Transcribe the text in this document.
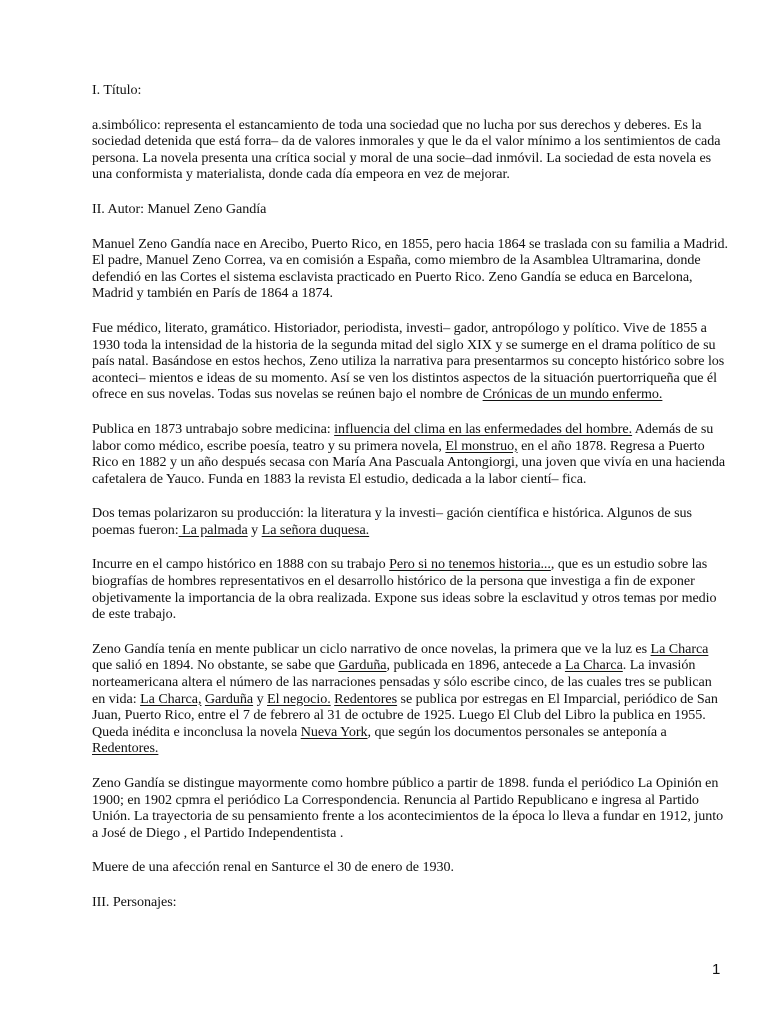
I. Título:

a.simbólico: representa el estancamiento de toda una sociedad que no lucha por sus derechos y deberes. Es la sociedad detenida que está forra– da de valores inmorales y que le da el valor mínimo a los sentimientos de cada persona. La novela presenta una crítica social y moral de una socie–dad inmóvil. La sociedad de esta novela es una conformista y materialista, donde cada día empeora en vez de mejorar.

II. Autor: Manuel Zeno Gandía

Manuel Zeno Gandía nace en Arecibo, Puerto Rico, en 1855, pero hacia 1864 se traslada con su familia a Madrid. El padre, Manuel Zeno Correa, va en comisión a España, como miembro de la Asamblea Ultramarina, donde defendió en las Cortes el sistema esclavista practicado en Puerto Rico. Zeno Gandía se educa en Barcelona, Madrid y también en París de 1864 a 1874.

Fue médico, literato, gramático. Historiador, periodista, investi– gador, antropólogo y político. Vive de 1855 a 1930 toda la intensidad de la historia de la segunda mitad del siglo XIX y se sumerge en el drama político de su país natal. Basándose en estos hechos, Zeno utiliza la narrativa para presentarmos su concepto histórico sobre los aconteci– mientos e ideas de su momento. Así se ven los distintos aspectos de la situación puertorriqueña que él ofrece en sus novelas. Todas sus novelas se reúnen bajo el nombre de Crónicas de un mundo enfermo.

Publica en 1873 untrabajo sobre medicina: influencia del clima en las enfermedades del hombre. Además de su labor como médico, escribe poesía, teatro y su primera novela, El monstruo, en el año 1878. Regresa a Puerto Rico en 1882 y un año después secasa con María Ana Pascuala Antongiorgi, una joven que vivía en una hacienda cafetalera de Yauco. Funda en 1883 la revista El estudio, dedicada a la labor cientí– fica.

Dos temas polarizaron su producción: la literatura y la investi– gación científica e histórica. Algunos de sus poemas fueron: La palmada y La señora duquesa.

Incurre en el campo histórico en 1888 con su trabajo Pero si no tenemos historia..., que es un estudio sobre las biografías de hombres representativos en el desarrollo histórico de la persona que investiga a fin de exponer objetivamente la importancia de la obra realizada. Expone sus ideas sobre la esclavitud y otros temas por medio de este trabajo.

Zeno Gandía tenía en mente publicar un ciclo narrativo de once novelas, la primera que ve la luz es La Charca que salió en 1894. No obstante, se sabe que Garduña, publicada en 1896, antecede a La Charca. La invasión norteamericana altera el número de las narraciones pensadas y sólo escribe cinco, de las cuales tres se publican en vida: La Charca, Garduña y El negocio. Redentores se publica por estregas en El Imparcial, periódico de San Juan, Puerto Rico, entre el 7 de febrero al 31 de octubre de 1925. Luego El Club del Libro la publica en 1955. Queda inédita e inconclusa la novela Nueva York, que según los documentos personales se anteponía a Redentores.

Zeno Gandía se distingue mayormente como hombre público a partir de 1898. funda el periódico La Opinión en 1900; en 1902 cpmra el periódico La Correspondencia. Renuncia al Partido Republicano e ingresa al Partido Unión. La trayectoria de su pensamiento frente a los acontecimientos de la época lo lleva a fundar en 1912, junto a José de Diego , el Partido Independentista .

Muere de una afección renal en Santurce el 30 de enero de 1930.

III. Personajes:

1
